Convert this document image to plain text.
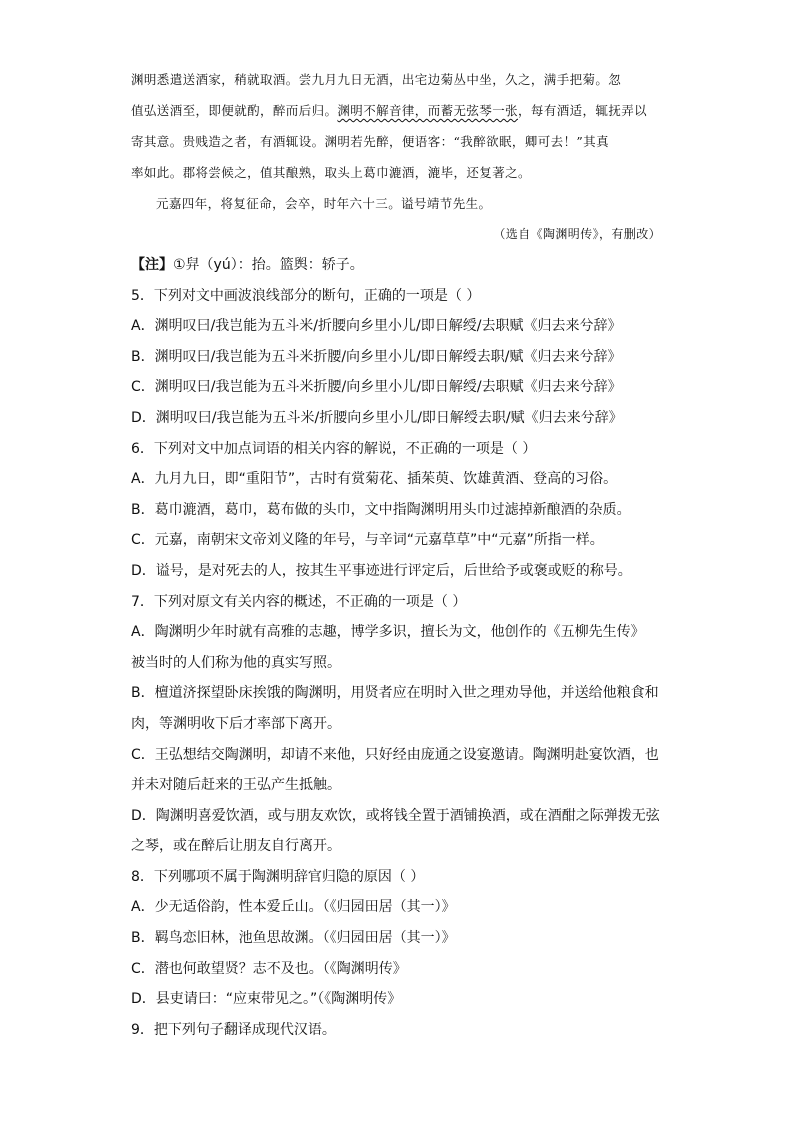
渊明悉遣送酒家，稍就取酒。尝九月九日无酒，出宅边菊丛中坐，久之，满手把菊。忽
值弘送酒至，即便就酌，醉而后归。渊明不解音律，而蓄无弦琴一张，每有酒适，辄抚弄以
寄其意。贵贱造之者，有酒辄设。渊明若先醉，便语客：“我醉欲眠，卿可去！”其真
率如此。郡将尝候之，值其酿熟，取头上葛巾漉酒，漉毕，还复著之。
元嘉四年，将复征命，会卒，时年六十三。谥号靖节先生。
（选自《陶渊明传》，有删改）
【注】①舁（yú）：抬。篮舆：轿子。
5．下列对文中画波浪线部分的断句，正确的一项是（ ）
A．渊明叹曰/我岂能为五斗米/折腰向乡里小儿/即日解绶/去职赋《归去来兮辞》
B．渊明叹曰/我岂能为五斗米折腰/向乡里小儿/即日解绶去职/赋《归去来兮辞》
C．渊明叹曰/我岂能为五斗米折腰/向乡里小儿/即日解绶/去职赋《归去来兮辞》
D．渊明叹曰/我岂能为五斗米/折腰向乡里小儿/即日解绶去职/赋《归去来兮辞》
6．下列对文中加点词语的相关内容的解说，不正确的一项是（ ）
A．九月九日，即“重阳节”，古时有赏菊花、插茱萸、饮雄黄酒、登高的习俗。
B．葛巾漉酒，葛巾，葛布做的头巾，文中指陶渊明用头巾过滤掉新酿酒的杂质。
C．元嘉，南朝宋文帝刘义隆的年号，与辛词“元嘉草草”中“元嘉”所指一样。
D．谥号，是对死去的人，按其生平事迹进行评定后，后世给予或褒或贬的称号。
7．下列对原文有关内容的概述，不正确的一项是（ ）
A．陶渊明少年时就有高雅的志趣，博学多识，擅长为文，他创作的《五柳先生传》
被当时的人们称为他的真实写照。
B．檀道济探望卧床挨饿的陶渊明，用贤者应在明时入世之理劝导他，并送给他粮食和
肉，等渊明收下后才率部下离开。
C．王弘想结交陶渊明，却请不来他，只好经由庞通之设宴邀请。陶渊明赴宴饮酒，也
并未对随后赶来的王弘产生抵触。
D．陶渊明喜爱饮酒，或与朋友欢饮，或将钱全置于酒铺换酒，或在酒酣之际弹拨无弦
之琴，或在醉后让朋友自行离开。
8．下列哪项不属于陶渊明辞官归隐的原因（ ）
A．少无适俗韵，性本爱丘山。（《归园田居（其一）》
B．羁鸟恋旧林，池鱼思故渊。（《归园田居（其一）》
C．潜也何敢望贤？志不及也。（《陶渊明传》
D．县吏请曰：“应束带见之。”（《陶渊明传》
9．把下列句子翻译成现代汉语。
